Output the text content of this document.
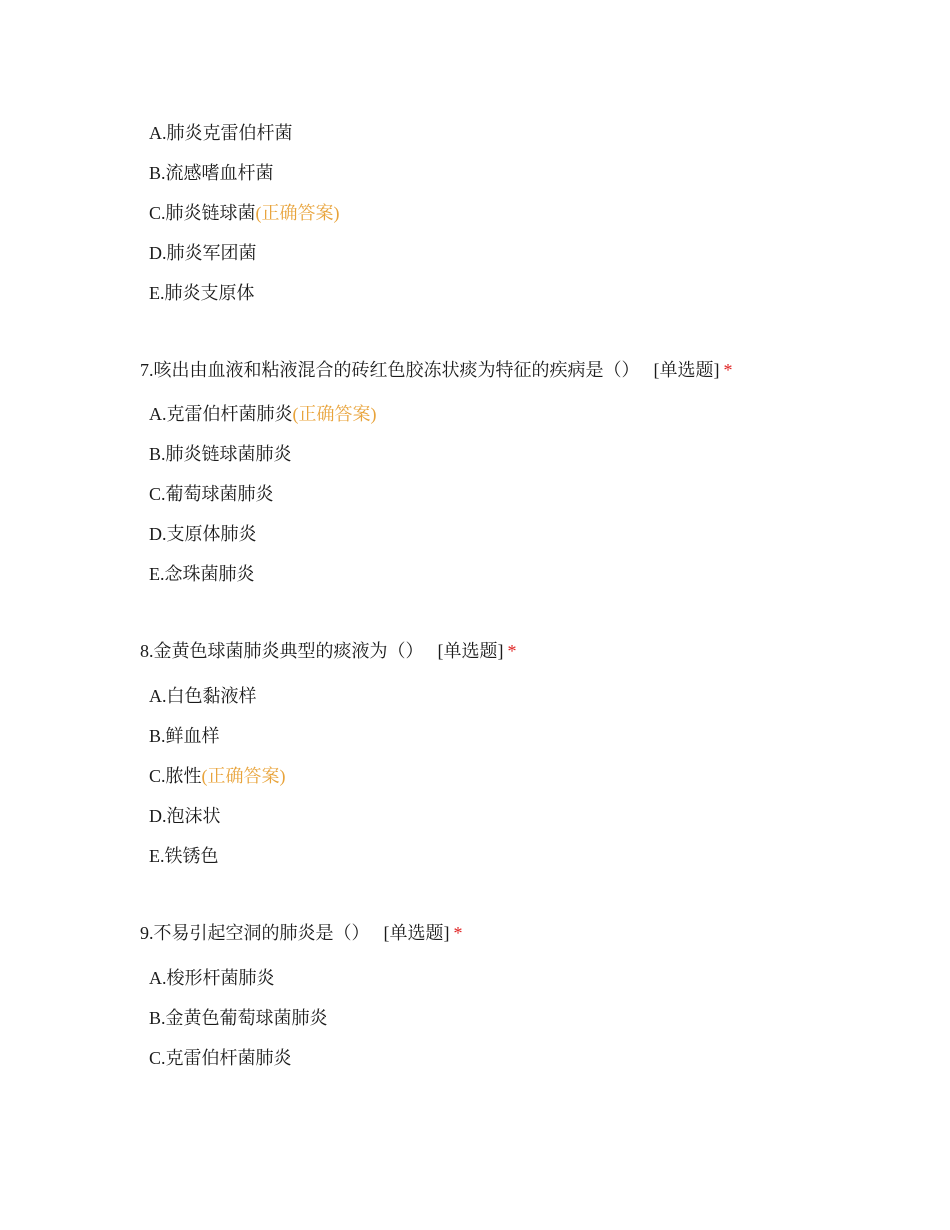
A.肺炎克雷伯杆菌
B.流感嗜血杆菌
C.肺炎链球菌(正确答案)
D.肺炎军团菌
E.肺炎支原体
7.咳出由血液和粘液混合的砖红色胶冻状痰为特征的疾病是（） [单选题] *
A.克雷伯杆菌肺炎(正确答案)
B.肺炎链球菌肺炎
C.葡萄球菌肺炎
D.支原体肺炎
E.念珠菌肺炎
8.金黄色球菌肺炎典型的痰液为（） [单选题] *
A.白色黏液样
B.鲜血样
C.脓性(正确答案)
D.泡沫状
E.铁锈色
9.不易引起空洞的肺炎是（） [单选题] *
A.梭形杆菌肺炎
B.金黄色葡萄球菌肺炎
C.克雷伯杆菌肺炎
